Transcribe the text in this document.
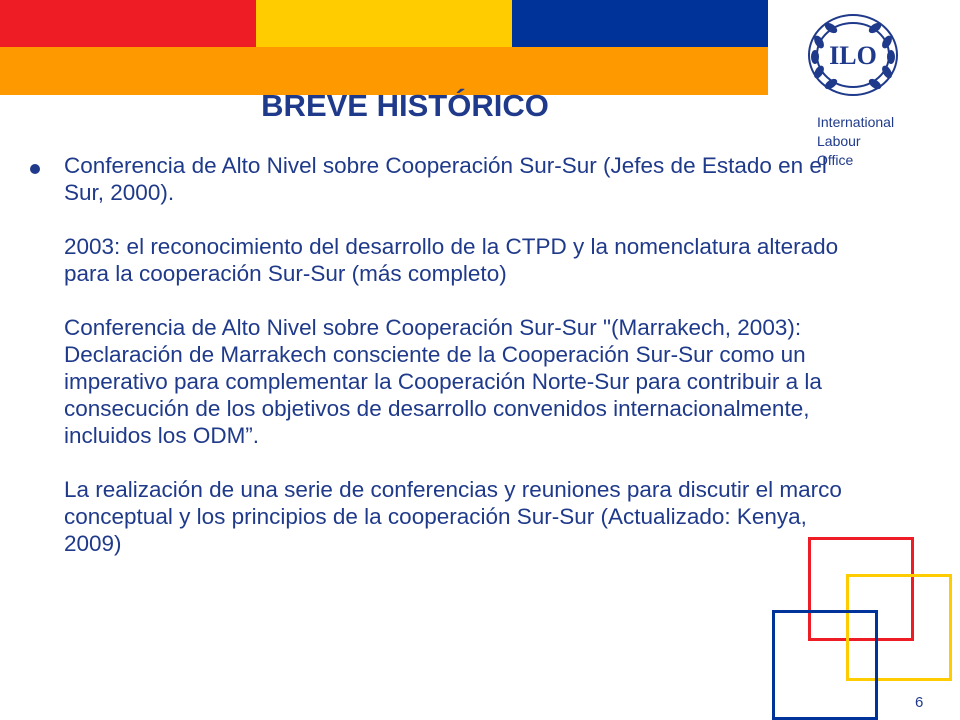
ILO
International
Labour
Office
BREVE HISTÓRICO

Conferencia de Alto Nivel sobre Cooperación Sur-Sur (Jefes de Estado en el Sur, 2000).

2003: el reconocimiento del desarrollo de la CTPD y la nomenclatura alterado para la cooperación Sur-Sur (más completo)

Conferencia de Alto Nivel sobre Cooperación Sur-Sur "(Marrakech, 2003): Declaración de Marrakech consciente de la Cooperación Sur-Sur como un imperativo para complementar la Cooperación Norte-Sur para contribuir a la consecución de los objetivos de desarrollo convenidos internacionalmente, incluidos los ODM”.

La realización de una serie de conferencias y reuniones para discutir el marco conceptual y los principios de la cooperación Sur-Sur (Actualizado: Kenya, 2009)

6
